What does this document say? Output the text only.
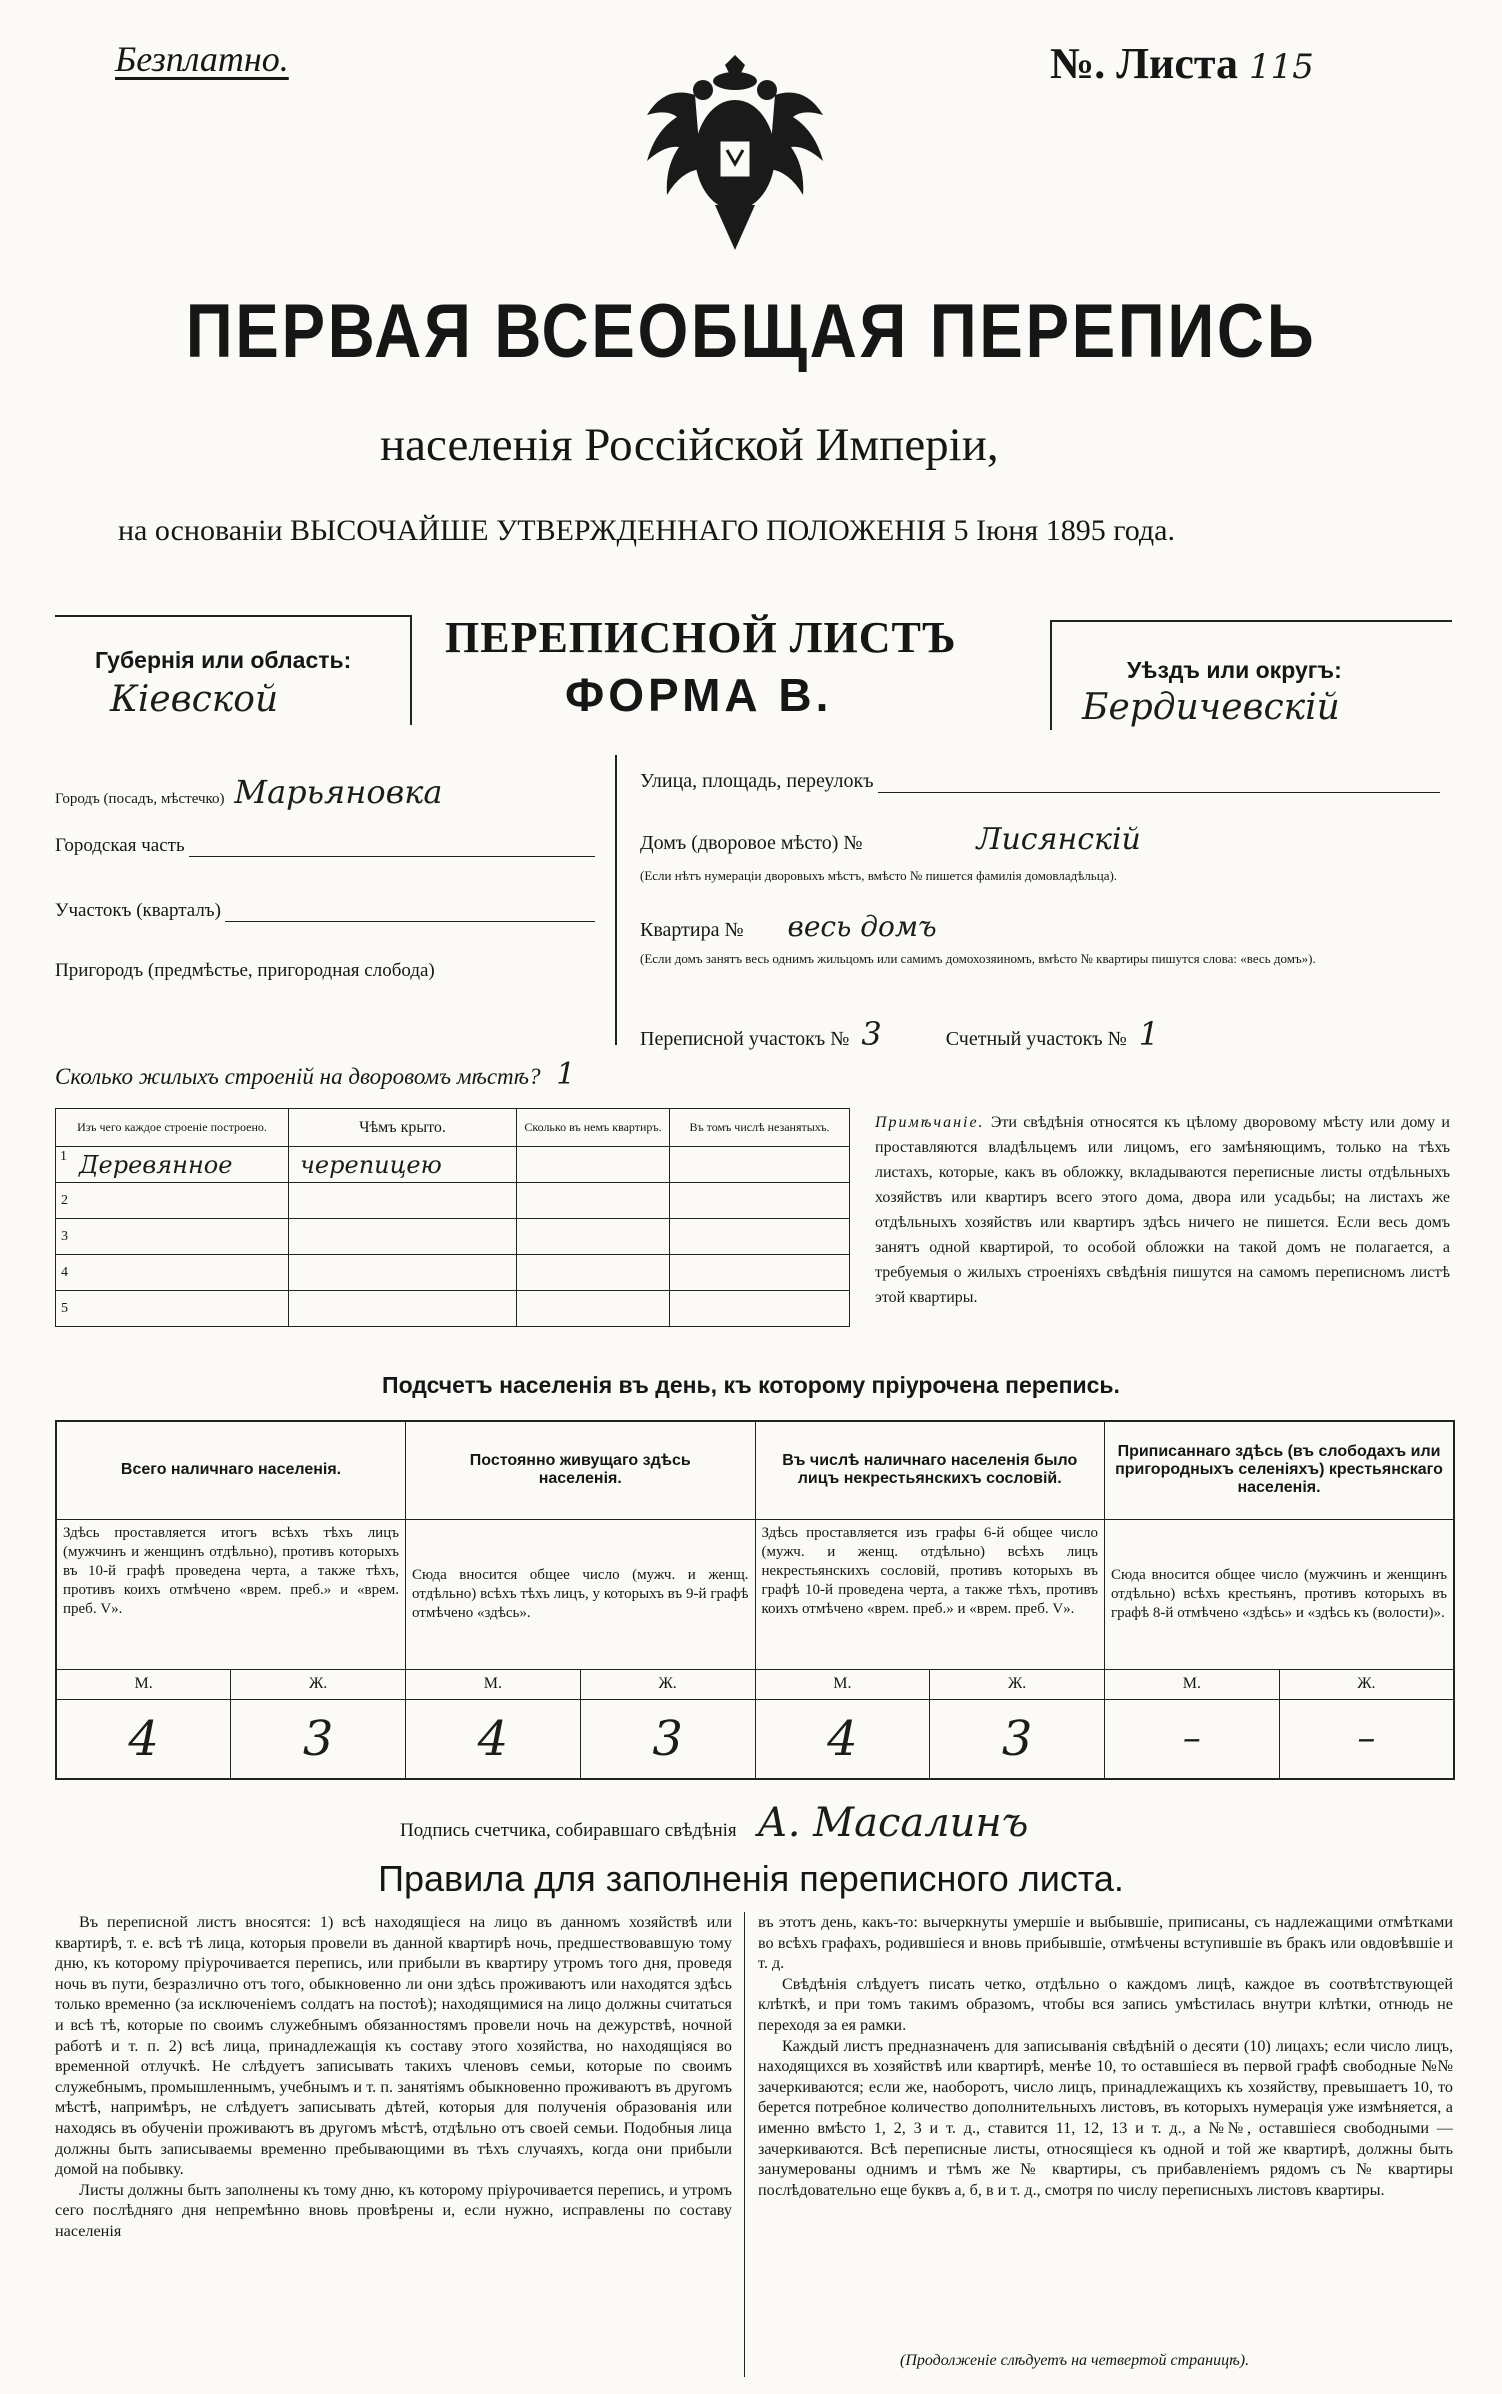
Безплатно.	№. Листа 115
ПЕРВАЯ ВСЕОБЩАЯ ПЕРЕПИСЬ
населенія Россійской Имперіи,
на основаніи ВЫСОЧАЙШЕ УТВЕРЖДЕННАГО ПОЛОЖЕНІЯ 5 Іюня 1895 года.
Губернія или область:
Кіевской
ПЕРЕПИСНОЙ ЛИСТЪ
ФОРМА В.	Уѣздъ или округъ:
Бердичевскій
Городъ (посадъ, мѣстечко) Марьяновка
Городская часть
Участокъ (кварталъ)
Пригородъ (предмѣстье, пригородная слобода)
Улица, площадь, переулокъ
Домъ (дворовое мѣсто) №	Лисянскій
(Если нѣтъ нумераціи дворовыхъ мѣстъ, вмѣсто № пишется фамилія домовладѣльца).
Квартира № весь домъ
(Если домъ занятъ весь однимъ жильцомъ или самимъ домохозяиномъ, вмѣсто № квартиры пишутся слова: «весь домъ»).
Переписной участокъ № 3	Счетный участокъ № 1
Сколько жилыхъ строеній на дворовомъ мѣстѣ? 1
Изъ чего каждое строеніе построено.	Чѣмъ крыто.	Сколько въ немъ квартиръ.	Въ томъ числѣ незанятыхъ.

1 Деревянное	черепицею		
2			
3			
4			
5			
Примѣчаніе. Эти свѣдѣнія относятся къ цѣлому дворовому мѣсту или дому и проставляются владѣльцемъ или лицомъ, его замѣняющимъ, только на тѣхъ листахъ, которые, какъ въ обложку, вкладываются переписные листы отдѣльныхъ хозяйствъ или квартиръ всего этого дома, двора или усадьбы; на листахъ же отдѣльныхъ хозяйствъ или квартиръ здѣсь ничего не пишется. Если весь домъ занятъ одной квартирой, то особой обложки на такой домъ не полагается, а требуемыя о жилыхъ строеніяхъ свѣдѣнія пишутся на самомъ переписномъ листѣ этой квартиры.
Подсчетъ населенія въ день, къ которому пріурочена перепись.
Всего наличнаго населенія.		Постоянно живущаго здѣсь населенія.		Въ числѣ наличнаго населенія было лицъ некрестьянскихъ сословій.		Приписаннаго здѣсь (въ слободахъ или пригородныхъ селеніяхъ) крестьянскаго населенія.	
Здѣсь проставляется итогъ всѣхъ тѣхъ лицъ (мужчинъ и женщинъ отдѣльно), противъ которыхъ въ 10-й графѣ проведена черта, а также тѣхъ, противъ коихъ отмѣчено «врем. преб.» и «врем. преб. V».		Сюда вносится общее число (мужч. и женщ. отдѣльно) всѣхъ тѣхъ лицъ, у которыхъ въ 9-й графѣ отмѣчено «здѣсь».		Здѣсь проставляется изъ графы 6-й общее число (мужч. и женщ. отдѣльно) всѣхъ лицъ некрестьянскихъ сословій, противъ которыхъ въ графѣ 10-й проведена черта, а также тѣхъ, противъ коихъ отмѣчено «врем. преб.» и «врем. преб. V».		Сюда вносится общее число (мужчинъ и женщинъ отдѣльно) всѣхъ крестьянъ, противъ которыхъ въ графѣ 8-й отмѣчено «здѣсь» и «здѣсь къ (волости)».	
М.	Ж.	М.	Ж.	М.	Ж.	М.	Ж.
4	3	4	3	4	3	–	–
Подпись счетчика, собиравшаго свѣдѣнія А. Масалинъ
Правила для заполненія переписного листа.

Въ переписной листъ вносятся: 1) всѣ находящіеся на лицо въ данномъ хозяйствѣ или квартирѣ, т. е. всѣ тѣ лица, которыя провели въ данной квартирѣ ночь, предшествовавшую тому дню, къ которому пріурочивается перепись, или прибыли въ квартиру утромъ того дня, проведя ночь въ пути, безразлично отъ того, обыкновенно ли они здѣсь проживаютъ или находятся здѣсь только временно (за исключеніемъ солдатъ на постоѣ); находящимися на лицо должны считаться и всѣ тѣ, которые по своимъ служебнымъ обязанностямъ провели ночь на дежурствѣ, ночной работѣ и т. п. 2) всѣ лица, принадлежащія къ составу этого хозяйства, но находящіяся во временной отлучкѣ. Не слѣдуетъ записывать такихъ членовъ семьи, которые по своимъ служебнымъ, промышленнымъ, учебнымъ и т. п. занятіямъ обыкновенно проживаютъ въ другомъ мѣстѣ, напримѣръ, не слѣдуетъ записывать дѣтей, которыя для полученія образованія или находясь въ обученіи проживаютъ въ другомъ мѣстѣ, отдѣльно отъ своей семьи. Подобныя лица должны быть записываемы временно пребывающими въ тѣхъ случаяхъ, когда они прибыли домой на побывку.

Листы должны быть заполнены къ тому дню, къ которому пріурочивается перепись, и утромъ сего послѣдняго дня непремѣнно вновь провѣрены и, если нужно, исправлены по составу населенія

въ этотъ день, какъ-то: вычеркнуты умершіе и выбывшіе, приписаны, съ надлежащими отмѣтками во всѣхъ графахъ, родившіеся и вновь прибывшіе, отмѣчены вступившіе въ бракъ или овдовѣвшіе и т. д.

Свѣдѣнія слѣдуетъ писать четко, отдѣльно о каждомъ лицѣ, каждое въ соотвѣтствующей клѣткѣ, и при томъ такимъ образомъ, чтобы вся запись умѣстилась внутри клѣтки, отнюдь не переходя за ея рамки.

Каждый листъ предназначенъ для записыванія свѣдѣній о десяти (10) лицахъ; если число лицъ, находящихся въ хозяйствѣ или квартирѣ, менѣе 10, то оставшіеся въ первой графѣ свободные №№ зачеркиваются; если же, наоборотъ, число лицъ, принадлежащихъ къ хозяйству, превышаетъ 10, то берется потребное количество дополнительныхъ листовъ, въ которыхъ нумерація уже измѣняется, а именно вмѣсто 1, 2, 3 и т. д., ставится 11, 12, 13 и т. д., а №№, оставшіеся свободными — зачеркиваются. Всѣ переписные листы, относящіеся къ одной и той же квартирѣ, должны быть занумерованы однимъ и тѣмъ же № квартиры, съ прибавленіемъ рядомъ съ № квартиры послѣдовательно еще буквъ а, б, в и т. д., смотря по числу переписныхъ листовъ квартиры.

(Продолженіе слѣдуетъ на четвертой страницѣ).
